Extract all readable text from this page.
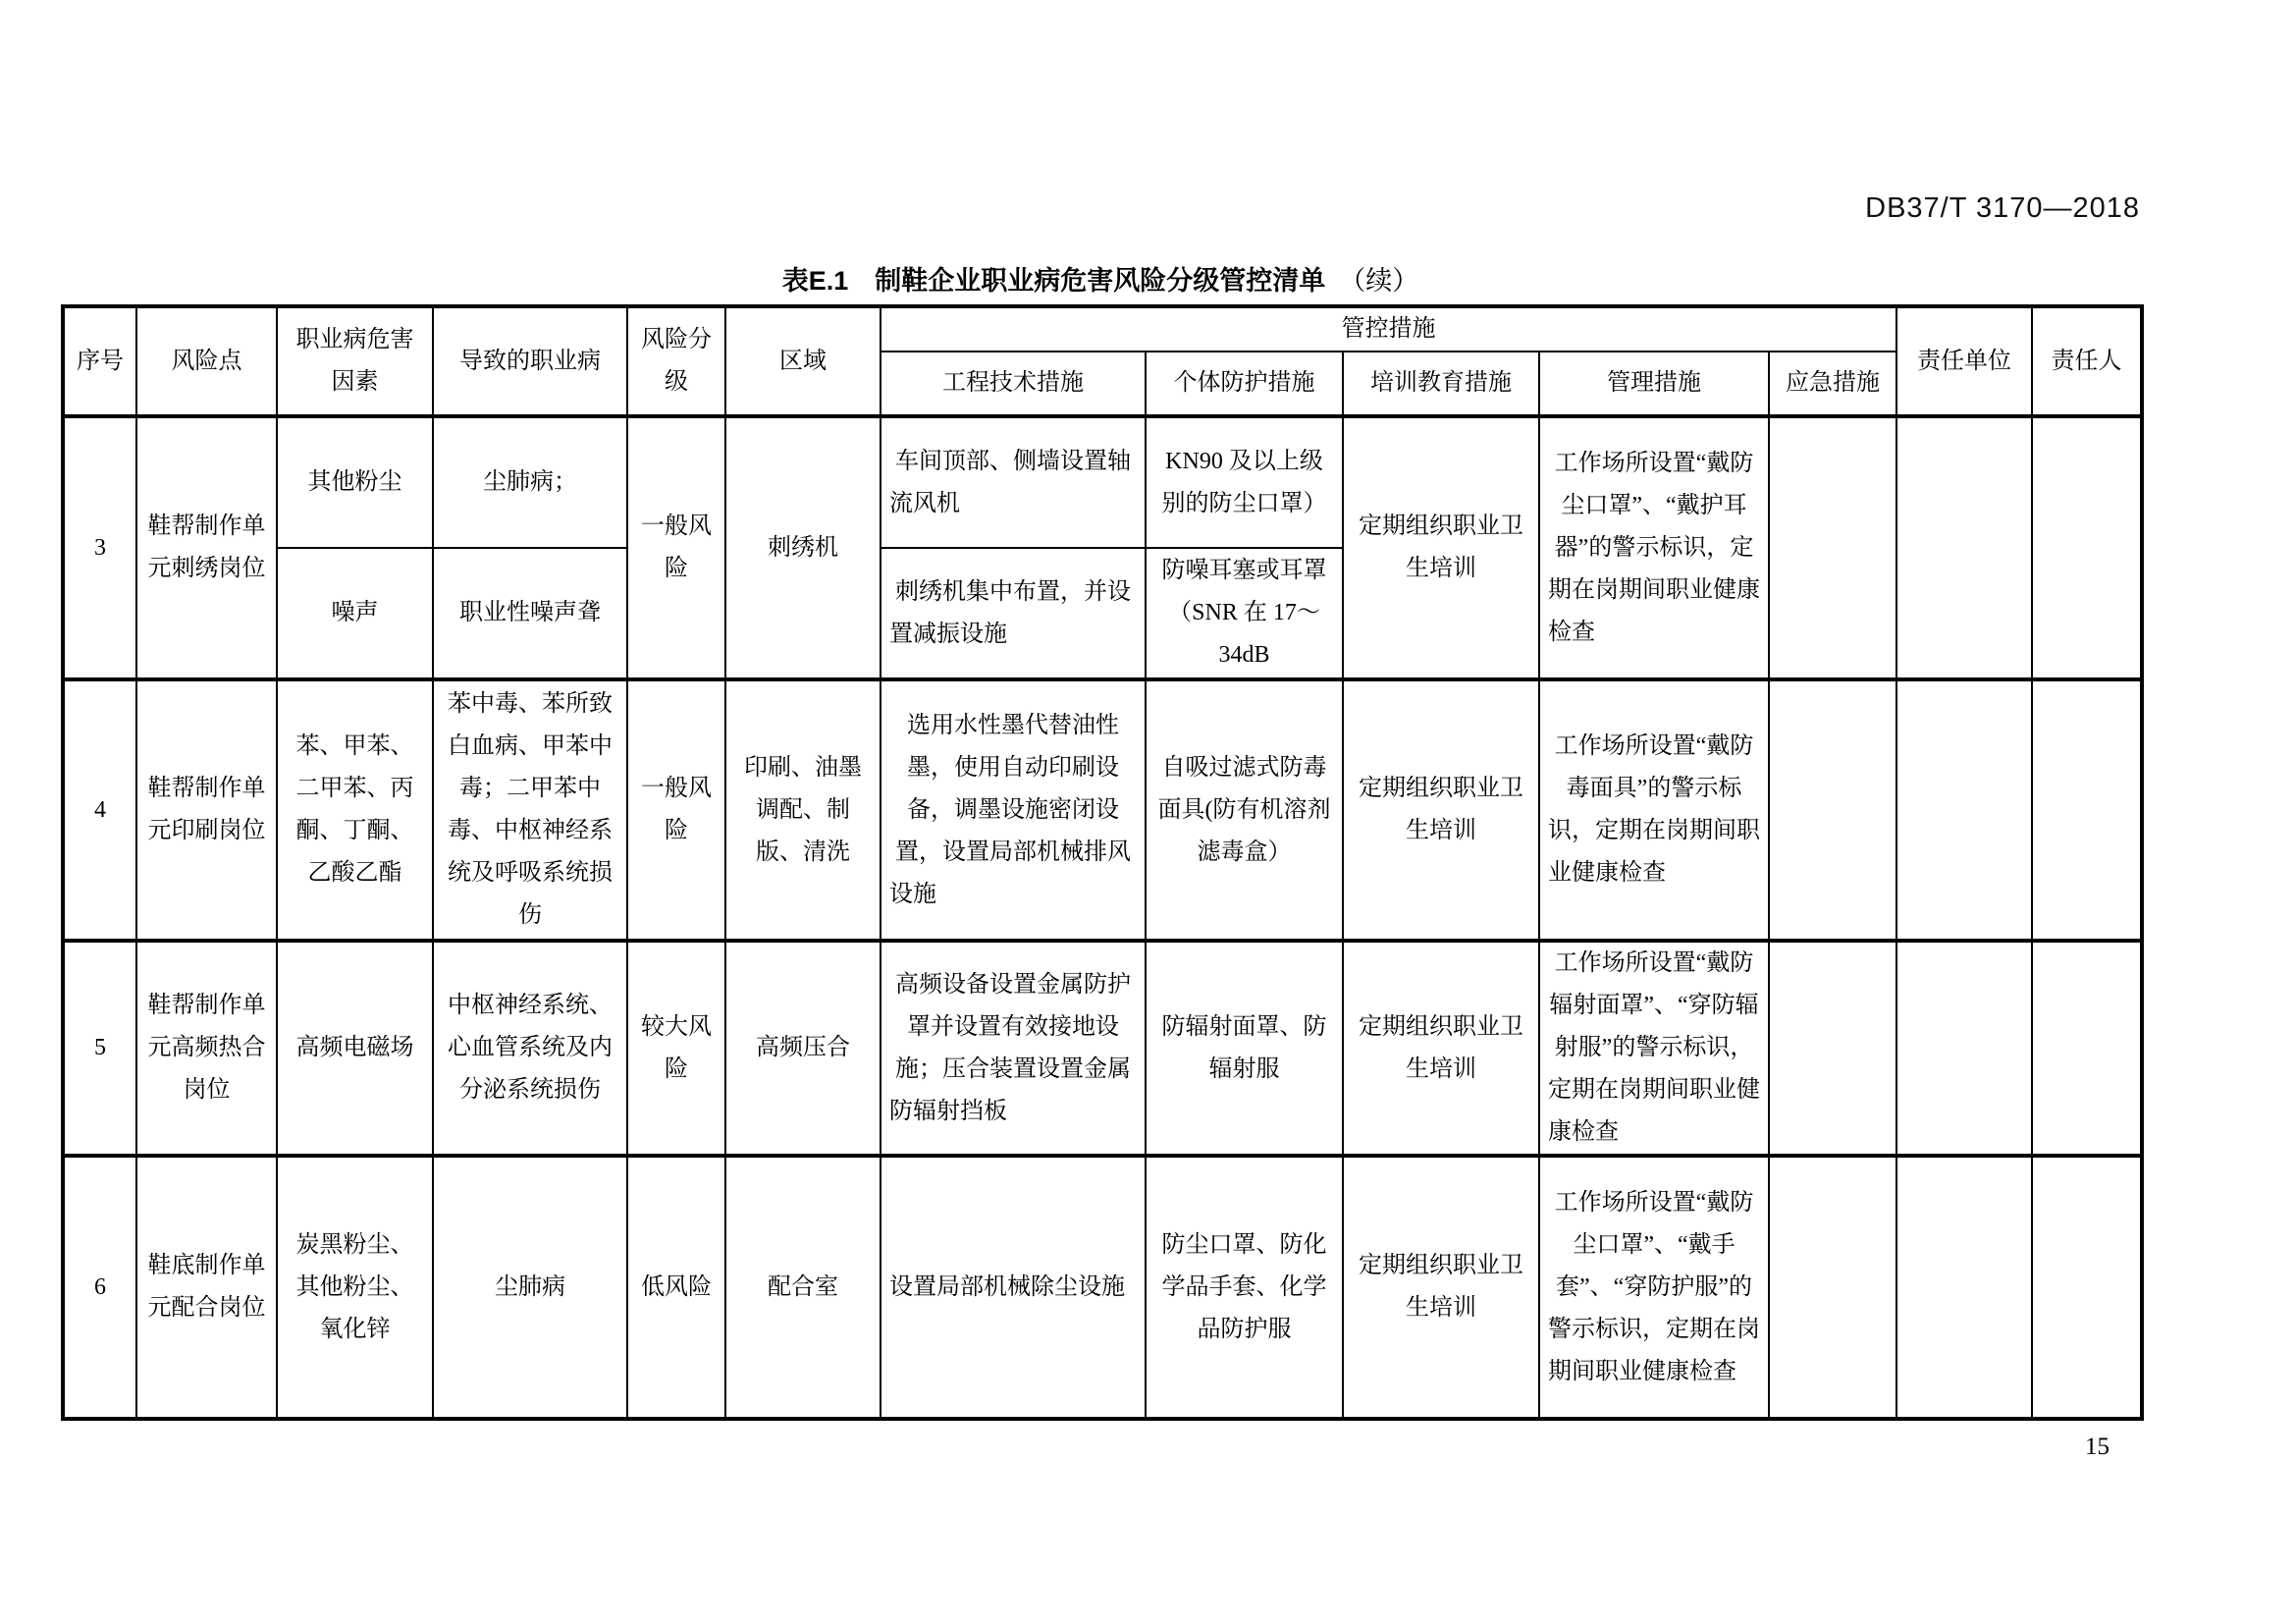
DB37/T 3170—2018
表E.1　制鞋企业职业病危害风险分级管控清单 （续）
序号	风险点	职业病危害因素	导致的职业病	风险分级	区域	管控措施					责任单位	责任人
						工程技术措施	个体防护措施	培训教育措施	管理措施	应急措施		
3	鞋帮制作单元刺绣岗位	其他粉尘	尘肺病；	一般风险	刺绣机	车间顶部、侧墙设置轴流风机	KN90 及以上级别的防尘口罩）	定期组织职业卫生培训	工作场所设置“戴防尘口罩”、“戴护耳器”的警示标识，定期在岗期间职业健康检查			
		噪声	职业性噪声聋			刺绣机集中布置，并设置减振设施	防噪耳塞或耳罩（SNR 在 17～34dB					
4	鞋帮制作单元印刷岗位	苯、甲苯、二甲苯、丙酮、丁酮、乙酸乙酯	苯中毒、苯所致白血病、甲苯中毒；二甲苯中毒、中枢神经系统及呼吸系统损伤	一般风险	印刷、油墨调配、制版、清洗	选用水性墨代替油性墨，使用自动印刷设备，调墨设施密闭设置，设置局部机械排风设施	自吸过滤式防毒面具(防有机溶剂滤毒盒）	定期组织职业卫生培训	工作场所设置“戴防毒面具”的警示标识，定期在岗期间职业健康检查			
5	鞋帮制作单元高频热合岗位	高频电磁场	中枢神经系统、心血管系统及内分泌系统损伤	较大风险	高频压合	高频设备设置金属防护罩并设置有效接地设施；压合装置设置金属防辐射挡板	防辐射面罩、防辐射服	定期组织职业卫生培训	工作场所设置“戴防辐射面罩”、“穿防辐射服”的警示标识，定期在岗期间职业健康检查			
6	鞋底制作单元配合岗位	炭黑粉尘、其他粉尘、氧化锌	尘肺病	低风险	配合室	设置局部机械除尘设施	防尘口罩、防化学品手套、化学品防护服	定期组织职业卫生培训	工作场所设置“戴防尘口罩”、“戴手套”、“穿防护服”的警示标识，定期在岗期间职业健康检查			
15
